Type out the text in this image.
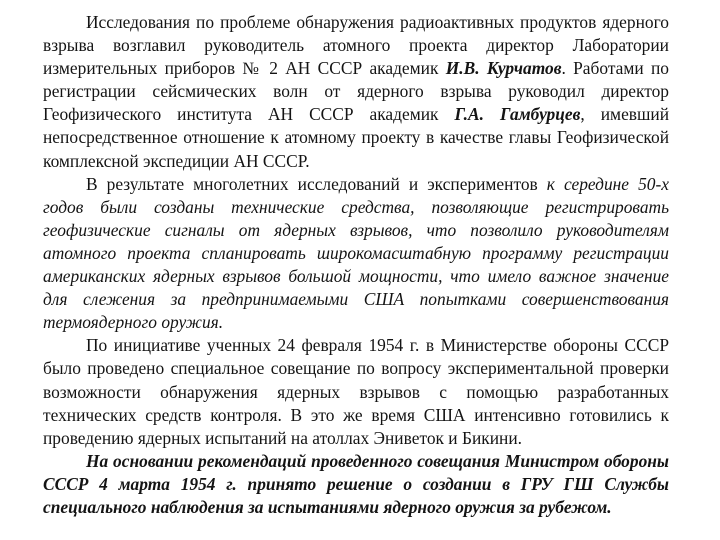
Исследования по проблеме обнаружения радиоактивных продуктов ядерного взрыва возглавил руководитель атомного проекта директор Лаборатории измерительных приборов № 2 АН СССР академик И.В. Курчатов. Работами по регистрации сейсмических волн от ядерного взрыва руководил директор Геофизического института АН СССР академик Г.А. Гамбурцев, имевший непосредственное отношение к атомному проекту в качестве главы Геофизической комплексной экспедиции АН СССР.

В результате многолетних исследований и экспериментов к середине 50-х годов были созданы технические средства, позволяющие регистрировать геофизические сигналы от ядерных взрывов, что позволило руководителям атомного проекта спланировать широкомасштабную программу регистрации американских ядерных взрывов большой мощности, что имело важное значение для слежения за предпринимаемыми США попытками совершенствования термоядерного оружия.

По инициативе ученных 24 февраля 1954 г. в Министерстве обороны СССР было проведено специальное совещание по вопросу экспериментальной проверки возможности обнаружения ядерных взрывов с помощью разработанных технических средств контроля. В это же время США интенсивно готовились к проведению ядерных испытаний на атоллах Эниветок и Бикини.

На основании рекомендаций проведенного совещания Министром обороны СССР 4 марта 1954 г. принято решение о создании в ГРУ ГШ Службы специального наблюдения за испытаниями ядерного оружия за рубежом.
